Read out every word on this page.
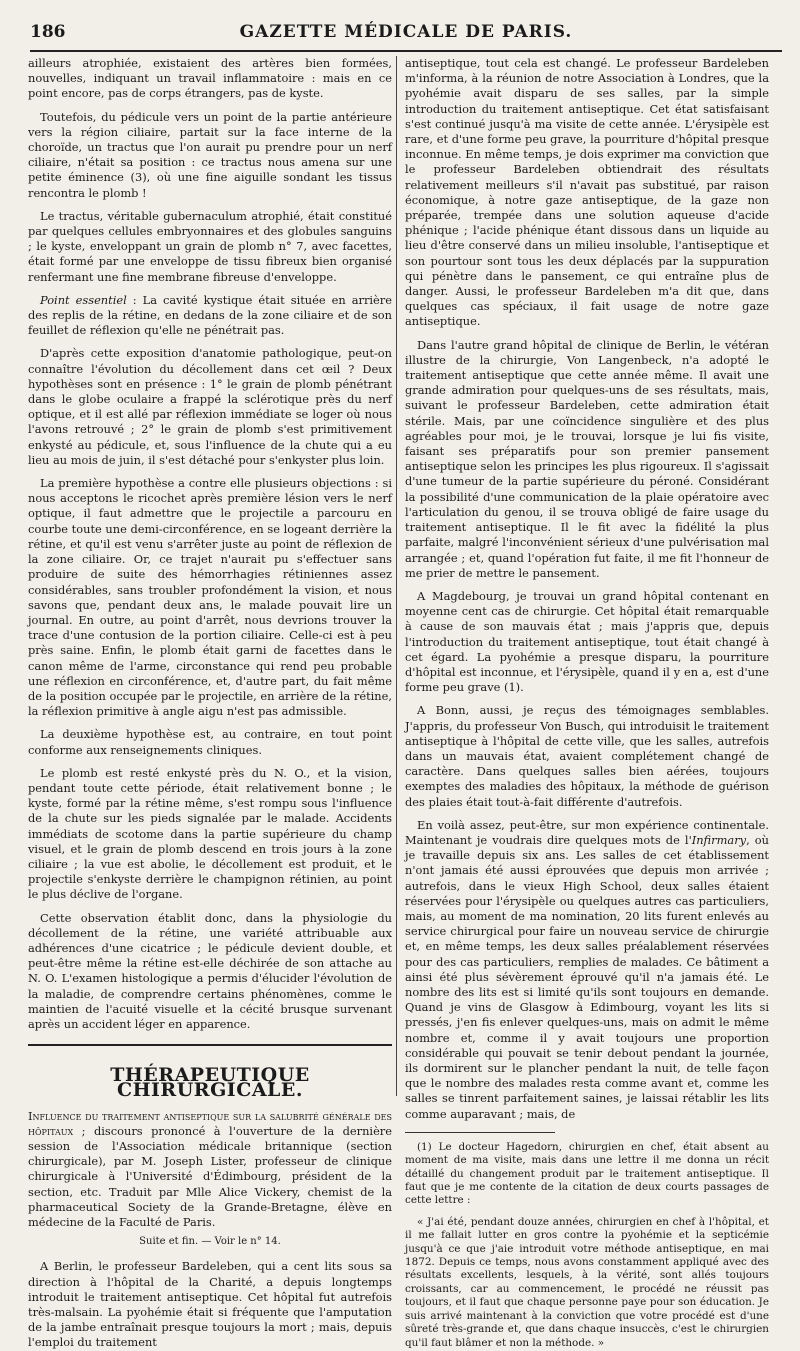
186	GAZETTE MÉDICALE DE PARIS.

ailleurs atrophiée, existaient des artères bien formées, nouvelles, indiquant un travail inflammatoire : mais en ce point encore, pas de corps étrangers, pas de kyste.

Toutefois, du pédicule vers un point de la partie antérieure vers la région ciliaire, partait sur la face interne de la choroïde, un tractus que l'on aurait pu prendre pour un nerf ciliaire, n'était sa position : ce tractus nous amena sur une petite éminence (3), où une fine aiguille sondant les tissus rencontra le plomb !

Le tractus, véritable gubernaculum atrophié, était constitué par quelques cellules embryonnaires et des globules sanguins ; le kyste, enveloppant un grain de plomb n° 7, avec facettes, était formé par une enveloppe de tissu fibreux bien organisé renfermant une fine membrane fibreuse d'enveloppe.

Point essentiel : La cavité kystique était située en arrière des replis de la rétine, en dedans de la zone ciliaire et de son feuillet de réflexion qu'elle ne pénétrait pas.

D'après cette exposition d'anatomie pathologique, peut-on connaître l'évolution du décollement dans cet œil ? Deux hypothèses sont en présence : 1° le grain de plomb pénétrant dans le globe oculaire a frappé la sclérotique près du nerf optique, et il est allé par réflexion immédiate se loger où nous l'avons retrouvé ; 2° le grain de plomb s'est primitivement enkysté au pédicule, et, sous l'influence de la chute qui a eu lieu au mois de juin, il s'est détaché pour s'enkyster plus loin.

La première hypothèse a contre elle plusieurs objections : si nous acceptons le ricochet après première lésion vers le nerf optique, il faut admettre que le projectile a parcouru en courbe toute une demi-circonférence, en se logeant derrière la rétine, et qu'il est venu s'arrêter juste au point de réflexion de la zone ciliaire. Or, ce trajet n'aurait pu s'effectuer sans produire de suite des hémorrhagies rétiniennes assez considérables, sans troubler profondément la vision, et nous savons que, pendant deux ans, le malade pouvait lire un journal. En outre, au point d'arrêt, nous devrions trouver la trace d'une contusion de la portion ciliaire. Celle-ci est à peu près saine. Enfin, le plomb était garni de facettes dans le canon même de l'arme, circonstance qui rend peu probable une réflexion en circonférence, et, d'autre part, du fait même de la position occupée par le projectile, en arrière de la rétine, la réflexion primitive à angle aigu n'est pas admissible.

La deuxième hypothèse est, au contraire, en tout point conforme aux renseignements cliniques.

Le plomb est resté enkysté près du N. O., et la vision, pendant toute cette période, était relativement bonne ; le kyste, formé par la rétine même, s'est rompu sous l'influence de la chute sur les pieds signalée par le malade. Accidents immédiats de scotome dans la partie supérieure du champ visuel, et le grain de plomb descend en trois jours à la zone ciliaire ; la vue est abolie, le décollement est produit, et le projectile s'enkyste derrière le champignon rétinien, au point le plus déclive de l'organe.

Cette observation établit donc, dans la physiologie du décollement de la rétine, une variété attribuable aux adhérences d'une cicatrice ; le pédicule devient double, et peut-être même la rétine est-elle déchirée de son attache au N. O. L'examen histologique a permis d'élucider l'évolution de la maladie, de comprendre certains phénomènes, comme le maintien de l'acuité visuelle et la cécité brusque survenant après un accident léger en apparence.

THÉRAPEUTIQUE CHIRURGICALE.

Influence du traitement antiseptique sur la salubrité générale des hôpitaux ; discours prononcé à l'ouverture de la dernière session de l'Association médicale britannique (section chirurgicale), par M. Joseph Lister, professeur de clinique chirurgicale à l'Université d'Édimbourg, président de la section, etc. Traduit par Mlle Alice Vickery, chemist de la pharmaceutical Society de la Grande-Bretagne, élève en médecine de la Faculté de Paris.

Suite et fin. — Voir le n° 14.

A Berlin, le professeur Bardeleben, qui a cent lits sous sa direction à l'hôpital de la Charité, a depuis longtemps introduit le traitement antiseptique. Cet hôpital fut autrefois très-malsain. La pyohémie était si fréquente que l'amputation de la jambe entraînait presque toujours la mort ; mais, depuis l'emploi du traitement

antiseptique, tout cela est changé. Le professeur Bardeleben m'informa, à la réunion de notre Association à Londres, que la pyohémie avait disparu de ses salles, par la simple introduction du traitement antiseptique. Cet état satisfaisant s'est continué jusqu'à ma visite de cette année. L'érysipèle est rare, et d'une forme peu grave, la pourriture d'hôpital presque inconnue. En même temps, je dois exprimer ma conviction que le professeur Bardeleben obtiendrait des résultats relativement meilleurs s'il n'avait pas substitué, par raison économique, à notre gaze antiseptique, de la gaze non préparée, trempée dans une solution aqueuse d'acide phénique ; l'acide phénique étant dissous dans un liquide au lieu d'être conservé dans un milieu insoluble, l'antiseptique et son pourtour sont tous les deux déplacés par la suppuration qui pénètre dans le pansement, ce qui entraîne plus de danger. Aussi, le professeur Bardeleben m'a dit que, dans quelques cas spéciaux, il fait usage de notre gaze antiseptique.

Dans l'autre grand hôpital de clinique de Berlin, le vétéran illustre de la chirurgie, Von Langenbeck, n'a adopté le traitement antiseptique que cette année même. Il avait une grande admiration pour quelques-uns de ses résultats, mais, suivant le professeur Bardeleben, cette admiration était stérile. Mais, par une coïncidence singulière et des plus agréables pour moi, je le trouvai, lorsque je lui fis visite, faisant ses préparatifs pour son premier pansement antiseptique selon les principes les plus rigoureux. Il s'agissait d'une tumeur de la partie supérieure du péroné. Considérant la possibilité d'une communication de la plaie opératoire avec l'articulation du genou, il se trouva obligé de faire usage du traitement antiseptique. Il le fit avec la fidélité la plus parfaite, malgré l'inconvénient sérieux d'une pulvérisation mal arrangée ; et, quand l'opération fut faite, il me fit l'honneur de me prier de mettre le pansement.

A Magdebourg, je trouvai un grand hôpital contenant en moyenne cent cas de chirurgie. Cet hôpital était remarquable à cause de son mauvais état ; mais j'appris que, depuis l'introduction du traitement antiseptique, tout était changé à cet égard. La pyohémie a presque disparu, la pourriture d'hôpital est inconnue, et l'érysipèle, quand il y en a, est d'une forme peu grave (1).

A Bonn, aussi, je reçus des témoignages semblables. J'appris, du professeur Von Busch, qui introduisit le traitement antiseptique à l'hôpital de cette ville, que les salles, autrefois dans un mauvais état, avaient complétement changé de caractère. Dans quelques salles bien aérées, toujours exemptes des maladies des hôpitaux, la méthode de guérison des plaies était tout-à-fait différente d'autrefois.

En voilà assez, peut-être, sur mon expérience continentale. Maintenant je voudrais dire quelques mots de l'Infirmary, où je travaille depuis six ans. Les salles de cet établissement n'ont jamais été aussi éprouvées que depuis mon arrivée ; autrefois, dans le vieux High School, deux salles étaient réservées pour l'érysipèle ou quelques autres cas particuliers, mais, au moment de ma nomination, 20 lits furent enlevés au service chirurgical pour faire un nouveau service de chirurgie et, en même temps, les deux salles préalablement réservées pour des cas particuliers, remplies de malades. Ce bâtiment a ainsi été plus sévèrement éprouvé qu'il n'a jamais été. Le nombre des lits est si limité qu'ils sont toujours en demande. Quand je vins de Glasgow à Edimbourg, voyant les lits si pressés, j'en fis enlever quelques-uns, mais on admit le même nombre et, comme il y avait toujours une proportion considérable qui pouvait se tenir debout pendant la journée, ils dormirent sur le plancher pendant la nuit, de telle façon que le nombre des malades resta comme avant et, comme les salles se tinrent parfaitement saines, je laissai rétablir les lits comme auparavant ; mais, de

(1) Le docteur Hagedorn, chirurgien en chef, était absent au moment de ma visite, mais dans une lettre il me donna un récit détaillé du changement produit par le traitement antiseptique. Il faut que je me contente de la citation de deux courts passages de cette lettre :

« J'ai été, pendant douze années, chirurgien en chef à l'hôpital, et il me fallait lutter en gros contre la pyohémie et la septicémie jusqu'à ce que j'aie introduit votre méthode antiseptique, en mai 1872. Depuis ce temps, nous avons constamment appliqué avec des résultats excellents, lesquels, à la vérité, sont allés toujours croissants, car au commencement, le procédé ne réussit pas toujours, et il faut que chaque personne paye pour son éducation. Je suis arrivé maintenant à la conviction que votre procédé est d'une sûreté très-grande et, que dans chaque insuccès, c'est le chirurgien qu'il faut blâmer et non la méthode. »
